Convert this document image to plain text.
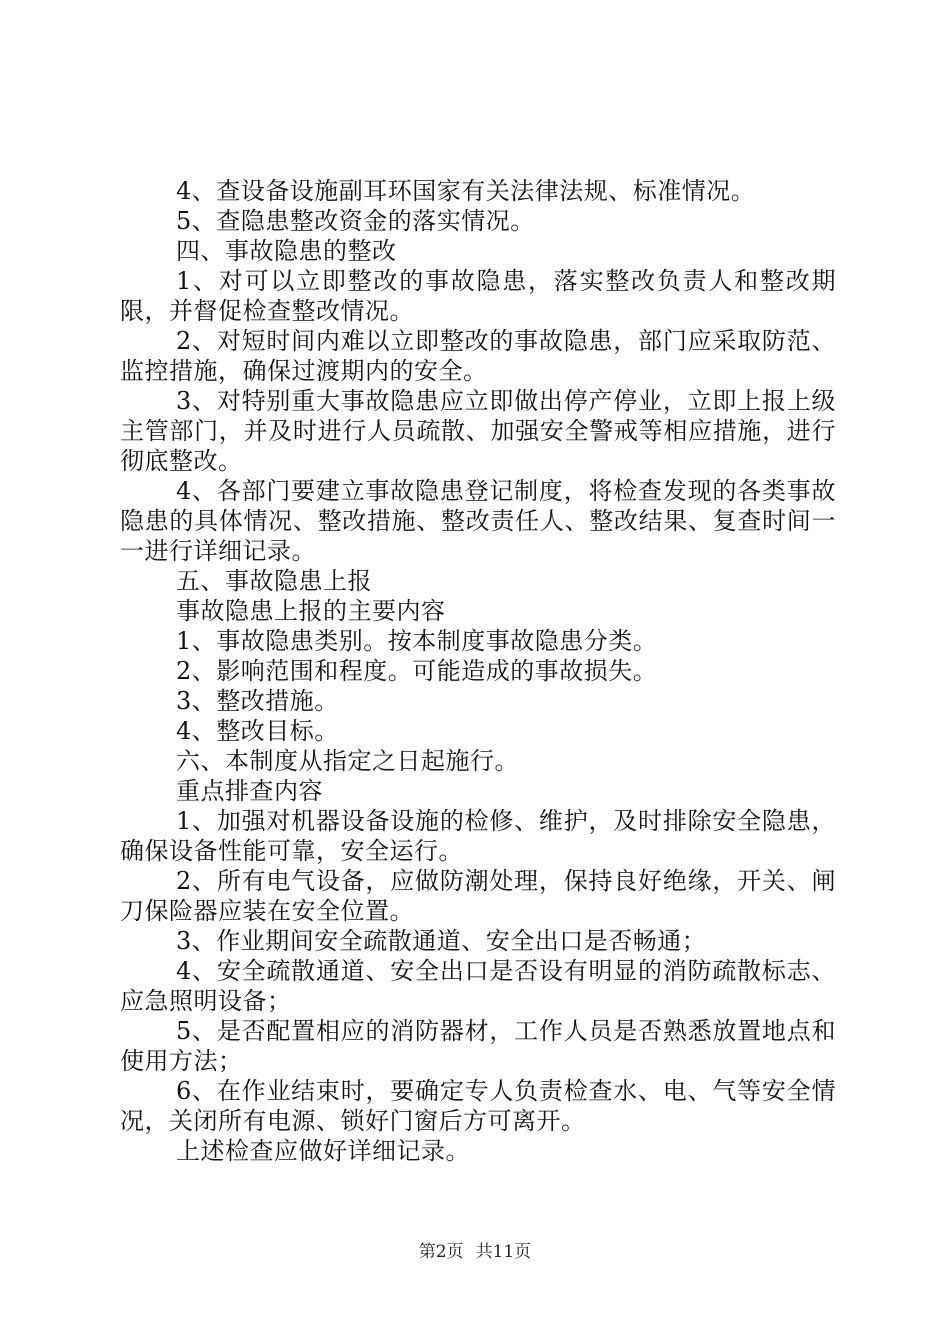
4、查设备设施副耳环国家有关法律法规、标准情况。

5、查隐患整改资金的落实情况。

四、事故隐患的整改

1、对可以立即整改的事故隐患，落实整改负责人和整改期限，并督促检查整改情况。

2、对短时间内难以立即整改的事故隐患，部门应采取防范、监控措施，确保过渡期内的安全。

3、对特别重大事故隐患应立即做出停产停业，立即上报上级主管部门，并及时进行人员疏散、加强安全警戒等相应措施，进行彻底整改。

4、各部门要建立事故隐患登记制度，将检查发现的各类事故隐患的具体情况、整改措施、整改责任人、整改结果、复查时间一一进行详细记录。

五、事故隐患上报

事故隐患上报的主要内容

1、事故隐患类别。按本制度事故隐患分类。

2、影响范围和程度。可能造成的事故损失。

3、整改措施。

4、整改目标。

六、本制度从指定之日起施行。

重点排查内容

1、加强对机器设备设施的检修、维护，及时排除安全隐患，确保设备性能可靠，安全运行。

2、所有电气设备，应做防潮处理，保持良好绝缘，开关、闸刀保险器应装在安全位置。

3、作业期间安全疏散通道、安全出口是否畅通；

4、安全疏散通道、安全出口是否设有明显的消防疏散标志、应急照明设备；

5、是否配置相应的消防器材，工作人员是否熟悉放置地点和使用方法；

6、在作业结束时，要确定专人负责检查水、电、气等安全情况，关闭所有电源、锁好门窗后方可离开。

上述检查应做好详细记录。

第2页 共11页
